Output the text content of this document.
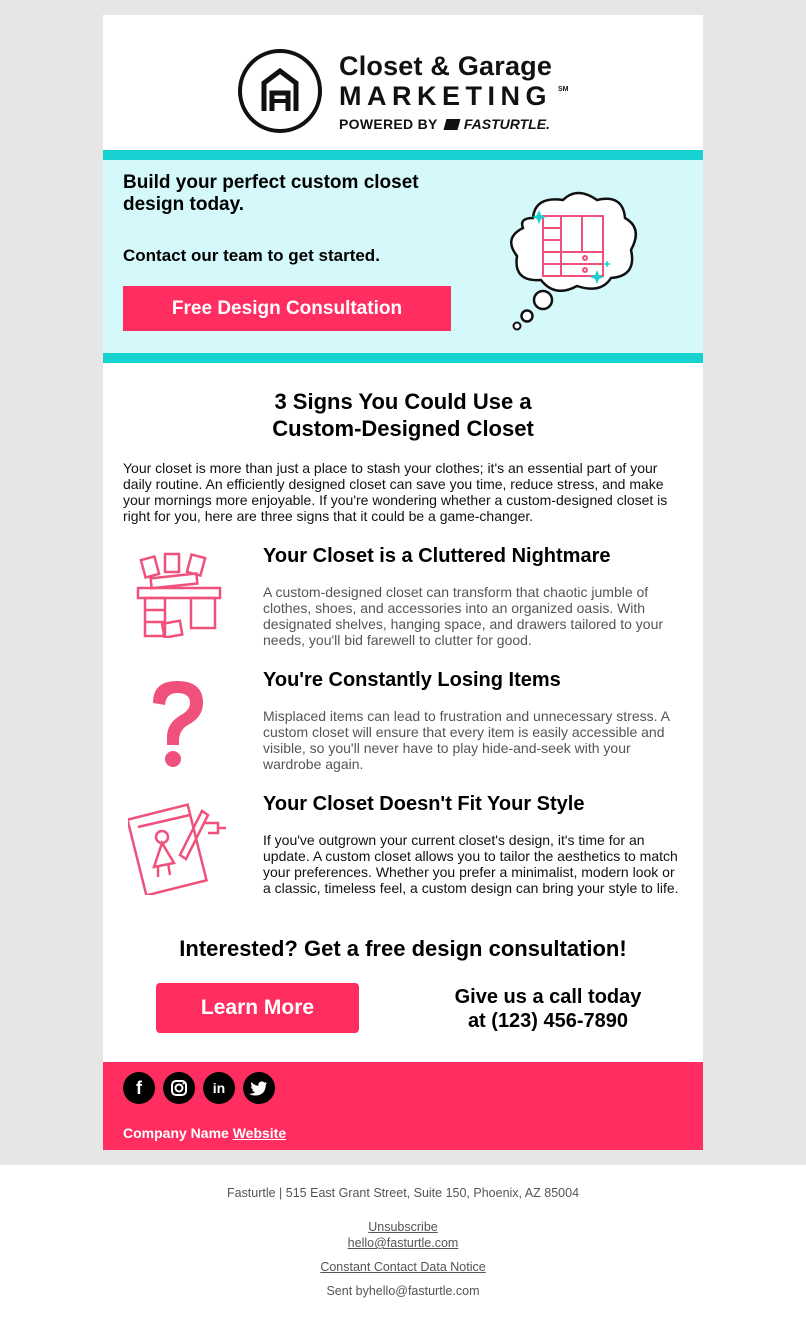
Closet & Garage
MARKETING SM
POWERED BY FASTURTLE.
Build your perfect custom closet design today.
Contact our team to get started.
Free Design Consultation
3 Signs You Could Use a
Custom-Designed Closet
Your closet is more than just a place to stash your clothes; it's an essential part of your daily routine. An efficiently designed closet can save you time, reduce stress, and make your mornings more enjoyable. If you're wondering whether a custom-designed closet is right for you, here are three signs that it could be a game-changer.
Your Closet is a Cluttered Nightmare
A custom-designed closet can transform that chaotic jumble of clothes, shoes, and accessories into an organized oasis. With designated shelves, hanging space, and drawers tailored to your needs, you'll bid farewell to clutter for good.
You're Constantly Losing Items
Misplaced items can lead to frustration and unnecessary stress. A custom closet will ensure that every item is easily accessible and visible, so you'll never have to play hide-and-seek with your wardrobe again.
Your Closet Doesn't Fit Your Style
If you've outgrown your current closet's design, it's time for an update. A custom closet allows you to tailor the aesthetics to match your preferences. Whether you prefer a minimalist, modern look or a classic, timeless feel, a custom design can bring your style to life.
Interested? Get a free design consultation!
Learn More	Give us a call today
at (123) 456-7890
f	in
Company Name Website
Fasturtle | 515 East Grant Street, Suite 150, Phoenix, AZ 85004
Unsubscribe
hello@fasturtle.com
Constant Contact Data Notice
Sent byhello@fasturtle.com
